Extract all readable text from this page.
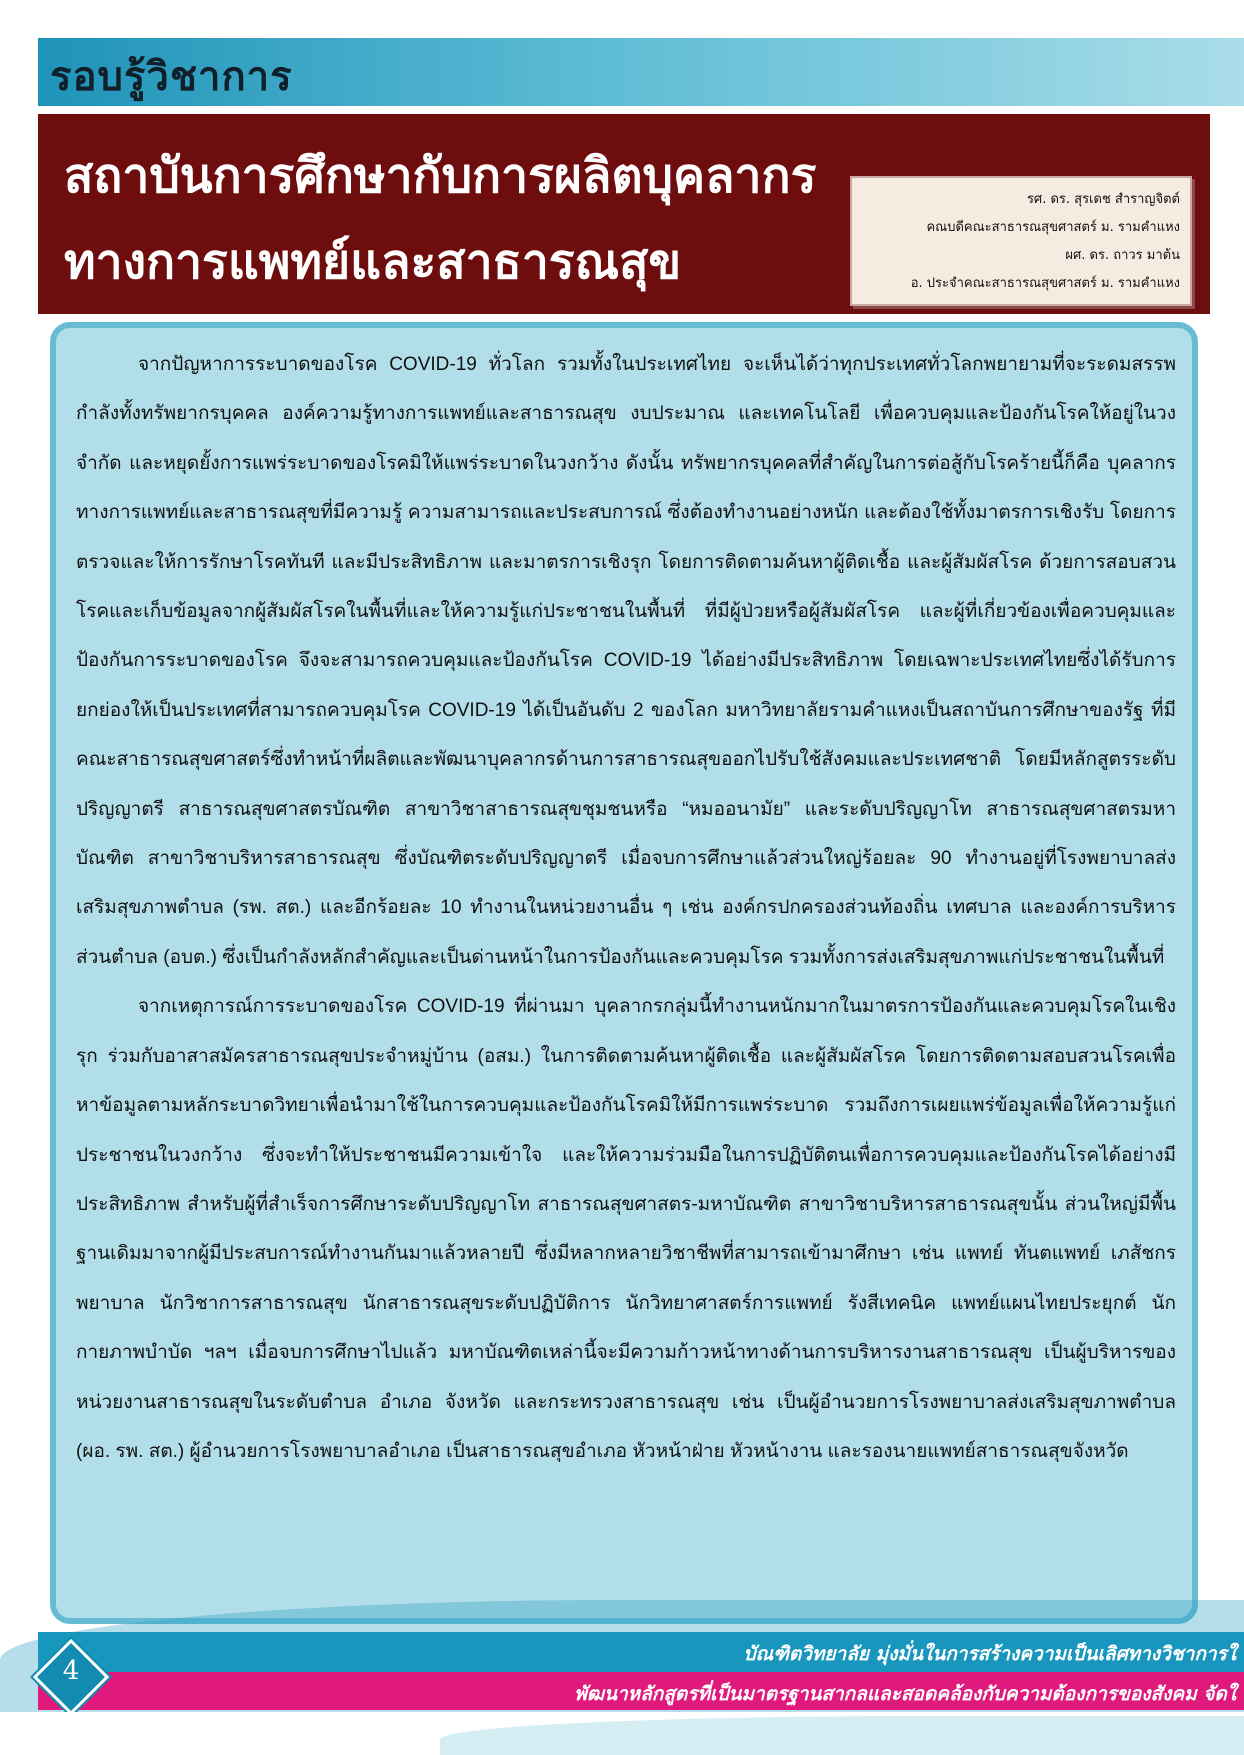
รอบรู้วิชาการ
สถาบันการศึกษากับการผลิตบุคลากร
ทางการแพทย์และสาธารณสุข
รศ. ดร. สุรเดช สำราญจิตต์
คณบดีคณะสาธารณสุขศาสตร์ ม. รามคำแหง
ผศ. ดร. ถาวร มาต้น
อ. ประจำคณะสาธารณสุขศาสตร์ ม. รามคำแหง

จากปัญหาการระบาดของโรค COVID-19 ทั่วโลก รวมทั้งในประเทศไทย จะเห็นได้ว่าทุกประเทศทั่วโลกพยายามที่จะระดมสรรพกำลังทั้งทรัพยากรบุคคล องค์ความรู้ทางการแพทย์และสาธารณสุข งบประมาณ และเทคโนโลยี เพื่อควบคุมและป้องกันโรคให้อยู่ในวงจำกัด และหยุดยั้งการแพร่ระบาดของโรคมิให้แพร่ระบาดในวงกว้าง ดังนั้น ทรัพยากรบุคคลที่สำคัญในการต่อสู้กับโรคร้ายนี้ก็คือ บุคลากรทางการแพทย์และสาธารณสุขที่มีความรู้ ความสามารถและประสบการณ์ ซึ่งต้องทำงานอย่างหนัก และต้องใช้ทั้งมาตรการเชิงรับ โดยการตรวจและให้การรักษาโรคทันที และมีประสิทธิภาพ และมาตรการเชิงรุก โดยการติดตามค้นหาผู้ติดเชื้อ และผู้สัมผัสโรค ด้วยการสอบสวนโรคและเก็บข้อมูลจากผู้สัมผัสโรคในพื้นที่และให้ความรู้แก่ประชาชนในพื้นที่ ที่มีผู้ป่วยหรือผู้สัมผัสโรค และผู้ที่เกี่ยวข้องเพื่อควบคุมและป้องกันการระบาดของโรค จึงจะสามารถควบคุมและป้องกันโรค COVID-19 ได้อย่างมีประสิทธิภาพ โดยเฉพาะประเทศไทยซึ่งได้รับการยกย่องให้เป็นประเทศที่สามารถควบคุมโรค COVID-19 ได้เป็นอันดับ 2 ของโลก มหาวิทยาลัยรามคำแหงเป็นสถาบันการศึกษาของรัฐ ที่มีคณะสาธารณสุขศาสตร์ซึ่งทำหน้าที่ผลิตและพัฒนาบุคลากรด้านการสาธารณสุขออกไปรับใช้สังคมและประเทศชาติ โดยมีหลักสูตรระดับปริญญาตรี สาธารณสุขศาสตรบัณฑิต สาขาวิชาสาธารณสุขชุมชนหรือ “หมออนามัย” และระดับปริญญาโท สาธารณสุขศาสตรมหาบัณฑิต สาขาวิชาบริหารสาธารณสุข ซึ่งบัณฑิตระดับปริญญาตรี เมื่อจบการศึกษาแล้วส่วนใหญ่ร้อยละ 90 ทำงานอยู่ที่โรงพยาบาลส่งเสริมสุขภาพตำบล (รพ. สต.) และอีกร้อยละ 10 ทำงานในหน่วยงานอื่น ๆ เช่น องค์กรปกครองส่วนท้องถิ่น เทศบาล และองค์การบริหารส่วนตำบล (อบต.) ซึ่งเป็นกำลังหลักสำคัญและเป็นด่านหน้าในการป้องกันและควบคุมโรค รวมทั้งการส่งเสริมสุขภาพแก่ประชาชนในพื้นที่

จากเหตุการณ์การระบาดของโรค COVID-19 ที่ผ่านมา บุคลากรกลุ่มนี้ทำงานหนักมากในมาตรการป้องกันและควบคุมโรคในเชิงรุก ร่วมกับอาสาสมัครสาธารณสุขประจำหมู่บ้าน (อสม.) ในการติดตามค้นหาผู้ติดเชื้อ และผู้สัมผัสโรค โดยการติดตามสอบสวนโรคเพื่อหาข้อมูลตามหลักระบาดวิทยาเพื่อนำมาใช้ในการควบคุมและป้องกันโรคมิให้มีการแพร่ระบาด รวมถึงการเผยแพร่ข้อมูลเพื่อให้ความรู้แก่ประชาชนในวงกว้าง ซึ่งจะทำให้ประชาชนมีความเข้าใจ และให้ความร่วมมือในการปฏิบัติตนเพื่อการควบคุมและป้องกันโรคได้อย่างมีประสิทธิภาพ สำหรับผู้ที่สำเร็จการศึกษาระดับปริญญาโท สาธารณสุขศาสตร-มหาบัณฑิต สาขาวิชาบริหารสาธารณสุขนั้น ส่วนใหญ่มีพื้นฐานเดิมมาจากผู้มีประสบการณ์ทำงานกันมาแล้วหลายปี ซึ่งมีหลากหลายวิชาชีพที่สามารถเข้ามาศึกษา เช่น แพทย์ ทันตแพทย์ เภสัชกร พยาบาล นักวิชาการสาธารณสุข นักสาธารณสุขระดับปฏิบัติการ นักวิทยาศาสตร์การแพทย์ รังสีเทคนิค แพทย์แผนไทยประยุกต์ นักกายภาพบำบัด ฯลฯ เมื่อจบการศึกษาไปแล้ว มหาบัณฑิตเหล่านี้จะมีความก้าวหน้าทางด้านการบริหารงานสาธารณสุข เป็นผู้บริหารของหน่วยงานสาธารณสุขในระดับตำบล อำเภอ จังหวัด และกระทรวงสาธารณสุข เช่น เป็นผู้อำนวยการโรงพยาบาลส่งเสริมสุขภาพตำบล (ผอ. รพ. สต.) ผู้อำนวยการโรงพยาบาลอำเภอ เป็นสาธารณสุขอำเภอ หัวหน้าฝ่าย หัวหน้างาน และรองนายแพทย์สาธารณสุขจังหวัด

บัณฑิตวิทยาลัย มุ่งมั่นในการสร้างความเป็นเลิศทางวิชาการใ
พัฒนาหลักสูตรที่เป็นมาตรฐานสากลและสอดคล้องกับความต้องการของสังคม จัดใ
4
